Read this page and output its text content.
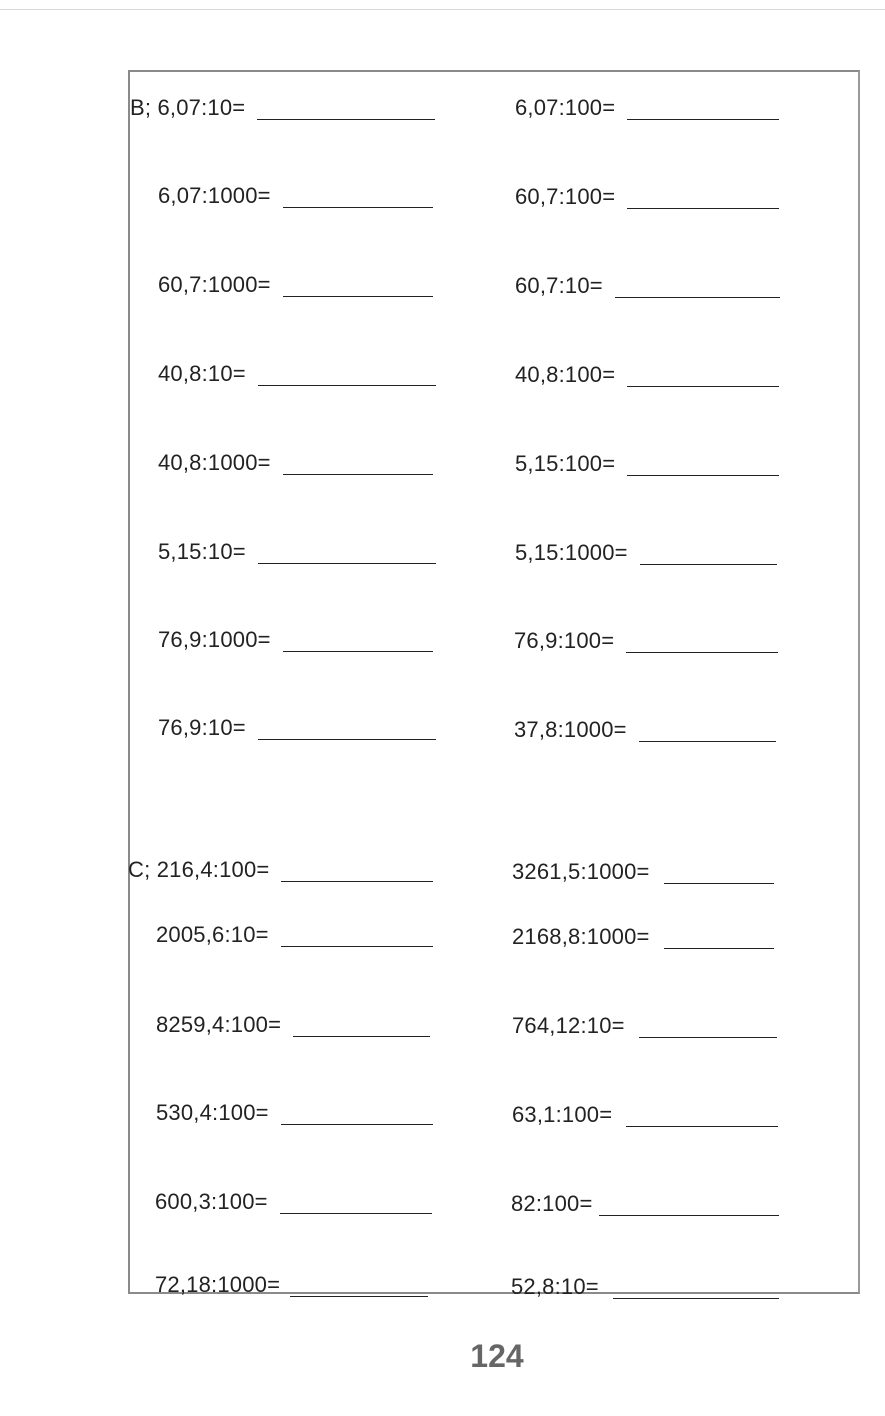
B; 6,07:10=
6,07:1000=
60,7:1000=
40,8:10=
40,8:1000=
5,15:10=
76,9:1000=
76,9:10=
6,07:100=
60,7:100=
60,7:10=
40,8:100=
5,15:100=
5,15:1000=
76,9:100=
37,8:1000=
C; 216,4:100=
2005,6:10=
8259,4:100=
530,4:100=
600,3:100=
72,18:1000=
3261,5:1000=
2168,8:1000=
764,12:10=
63,1:100=
82:100=
52,8:10=
124
